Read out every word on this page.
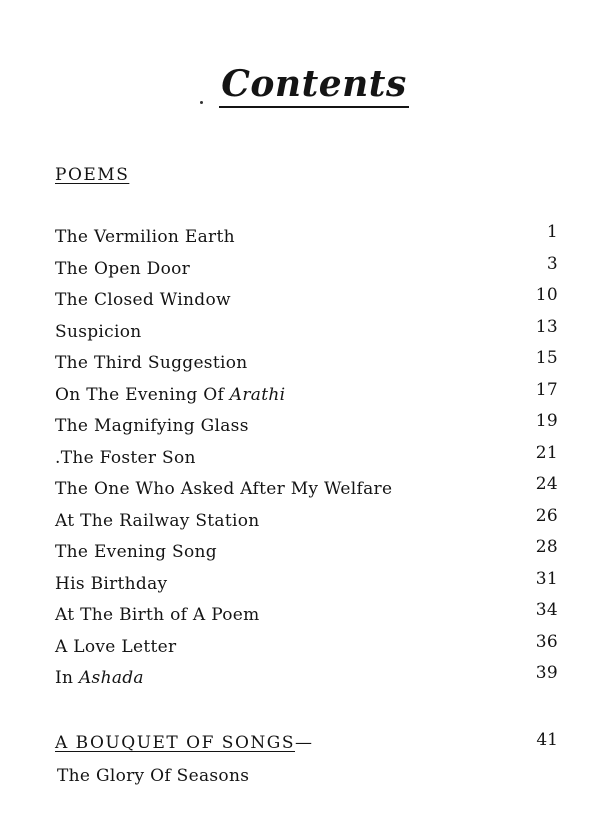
Contents
POEMS
The Vermilion Earth	1
The Open Door	3
The Closed Window	10
Suspicion	13
The Third Suggestion	15
On The Evening Of Arathi	17
The Magnifying Glass	19
.The Foster Son	21
The One Who Asked After My Welfare	24
At The Railway Station	26
The Evening Song	28
His Birthday	31
At The Birth of A Poem	34
A Love Letter	36
In Ashada	39
A BOUQUET OF SONGS—	41
The Glory Of Seasons
